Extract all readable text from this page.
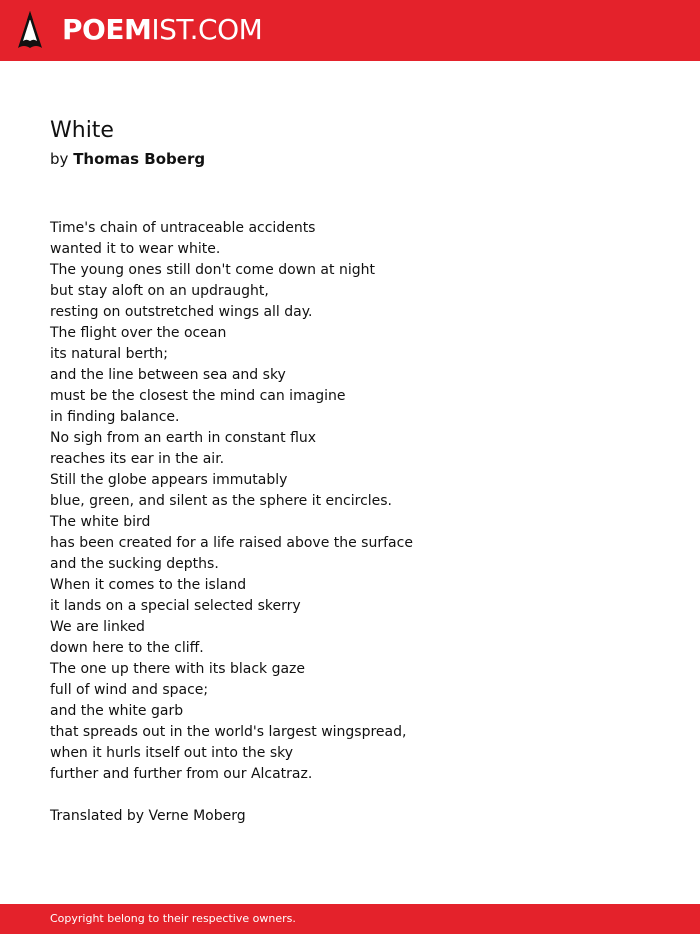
POEMIST.COM
White
by Thomas Boberg
Time's chain of untraceable accidents
wanted it to wear white.
The young ones still don't come down at night
but stay aloft on an updraught,
resting on outstretched wings all day.
The flight over the ocean
its natural berth;
and the line between sea and sky
must be the closest the mind can imagine
in finding balance.
No sigh from an earth in constant flux
reaches its ear in the air.
Still the globe appears immutably
blue, green, and silent as the sphere it encircles.
The white bird
has been created for a life raised above the surface
and the sucking depths.
When it comes to the island
it lands on a special selected skerry
We are linked
down here to the cliff.
The one up there with its black gaze
full of wind and space;
and the white garb
that spreads out in the world's largest wingspread,
when it hurls itself out into the sky
further and further from our Alcatraz.
Translated by Verne Moberg
Copyright belong to their respective owners.
